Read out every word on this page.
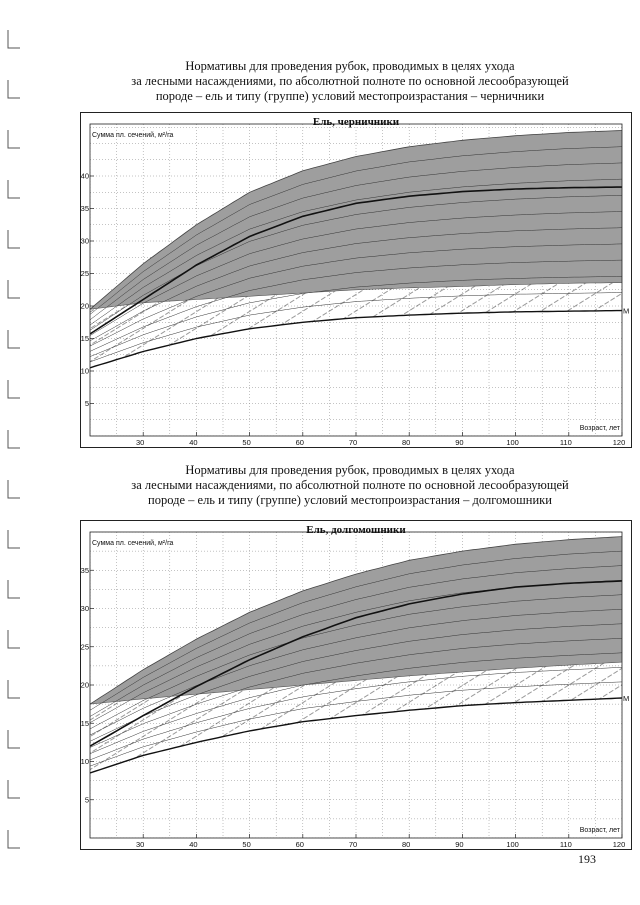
Нормативы для проведения рубок, проводимых в целях ухода
за лесными насаждениями, по абсолютной полноте по основной лесообразующей
породе – ель и типу (группе) условий местопроизрастания – черничники
30	40	50	60	70	80	90	100	110	120
5
10
15
20
25
30
35
40
Ель, черничники
Сумма пл. сечений, м²/га
Возраст, лет
M
Нормативы для проведения рубок, проводимых в целях ухода
за лесными насаждениями, по абсолютной полноте по основной лесообразующей
породе – ель и типу (группе) условий местопроизрастания – долгомошники
30	40	50	60	70	80	90	100	110	120
5
10
15
20
25
30
35
Ель, долгомошники
Сумма пл. сечений, м²/га
Возраст, лет
M

193
